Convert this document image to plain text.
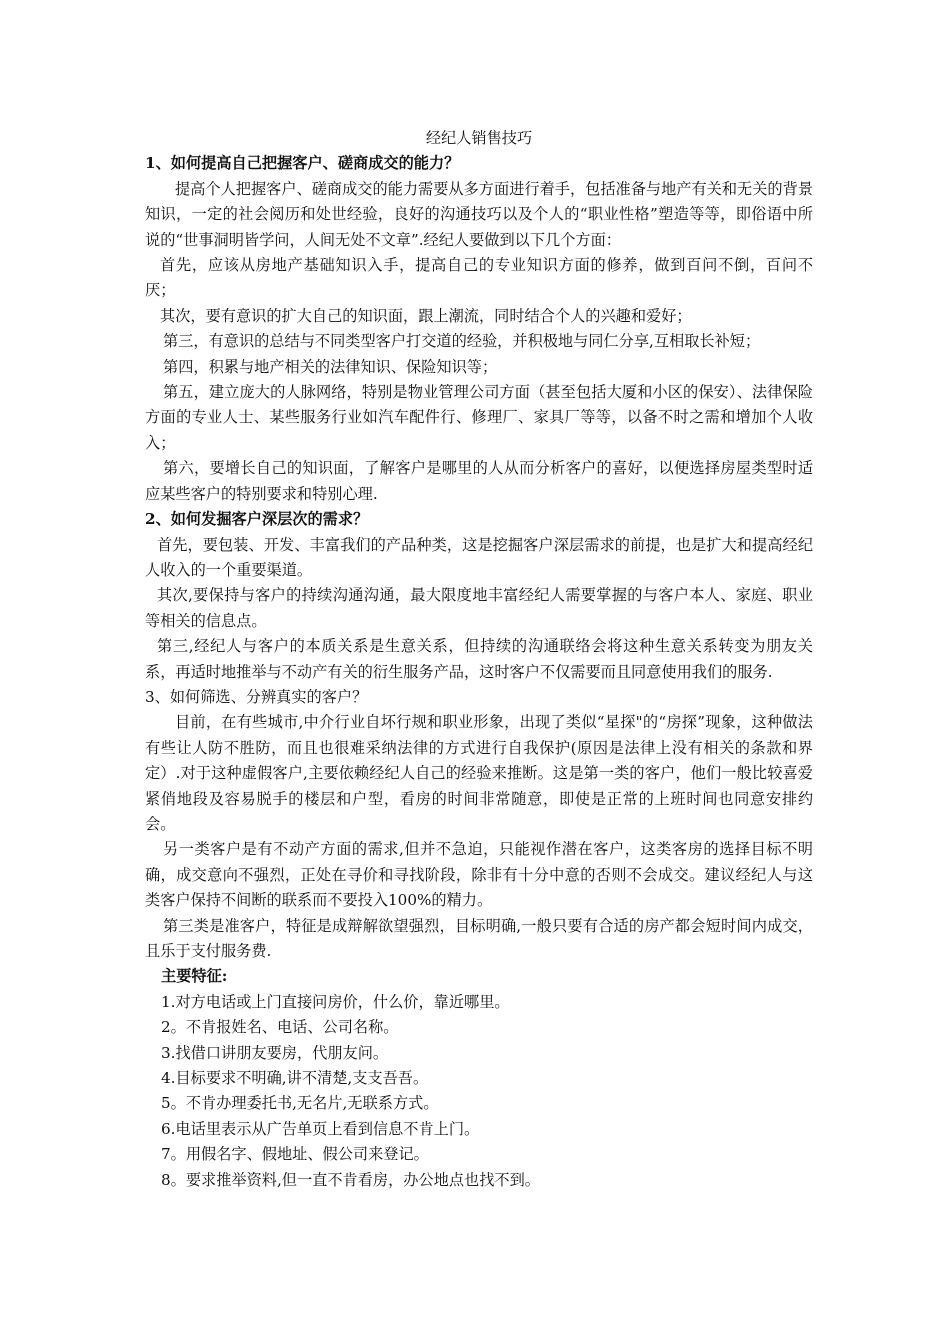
经纪人销售技巧
1、如何提高自己把握客户、磋商成交的能力？

提高个人把握客户、磋商成交的能力需要从多方面进行着手，包括准备与地产有关和无关的背景知识，一定的社会阅历和处世经验，良好的沟通技巧以及个人的“职业性格”塑造等等，即俗语中所说的“世事洞明皆学问，人间无处不文章”.经纪人要做到以下几个方面：

首先，应该从房地产基础知识入手，提高自己的专业知识方面的修养，做到百问不倒，百问不厌；

其次，要有意识的扩大自己的知识面，跟上潮流，同时结合个人的兴趣和爱好；

第三，有意识的总结与不同类型客户打交道的经验，并积极地与同仁分享,互相取长补短；

第四，积累与地产相关的法律知识、保险知识等；

第五，建立庞大的人脉网络，特别是物业管理公司方面（甚至包括大厦和小区的保安）、法律保险方面的专业人士、某些服务行业如汽车配件行、修理厂、家具厂等等，以备不时之需和增加个人收入；

第六，要增长自己的知识面，了解客户是哪里的人从而分析客户的喜好，以便选择房屋类型时适应某些客户的特别要求和特别心理.

2、如何发掘客户深层次的需求？

首先，要包装、开发、丰富我们的产品种类，这是挖掘客户深层需求的前提，也是扩大和提高经纪人收入的一个重要渠道。

其次,要保持与客户的持续沟通沟通，最大限度地丰富经纪人需要掌握的与客户本人、家庭、职业等相关的信息点。

第三,经纪人与客户的本质关系是生意关系，但持续的沟通联络会将这种生意关系转变为朋友关系，再适时地推举与不动产有关的衍生服务产品，这时客户不仅需要而且同意使用我们的服务.

3、如何筛选、分辨真实的客户？

目前，在有些城市,中介行业自坏行规和职业形象，出现了类似“星探"的“房探”现象，这种做法有些让人防不胜防，而且也很难采纳法律的方式进行自我保护(原因是法律上没有相关的条款和界定）.对于这种虚假客户,主要依赖经纪人自己的经验来推断。这是第一类的客户，他们一般比较喜爱紧俏地段及容易脱手的楼层和户型，看房的时间非常随意，即使是正常的上班时间也同意安排约会。

另一类客户是有不动产方面的需求,但并不急迫，只能视作潜在客户，这类客房的选择目标不明确，成交意向不强烈，正处在寻价和寻找阶段，除非有十分中意的否则不会成交。建议经纪人与这类客户保持不间断的联系而不要投入100%的精力。

第三类是准客户，特征是成辩解欲望强烈，目标明确,一般只要有合适的房产都会短时间内成交，且乐于支付服务费.

主要特征:
1.对方电话或上门直接问房价，什么价，靠近哪里。
2。不肯报姓名、电话、公司名称。
3.找借口讲朋友要房，代朋友问。
4.目标要求不明确,讲不清楚,支支吾吾。
5。不肯办理委托书,无名片,无联系方式。
6.电话里表示从广告单页上看到信息不肯上门。
7。用假名字、假地址、假公司来登记。
8。要求推举资料,但一直不肯看房，办公地点也找不到。
